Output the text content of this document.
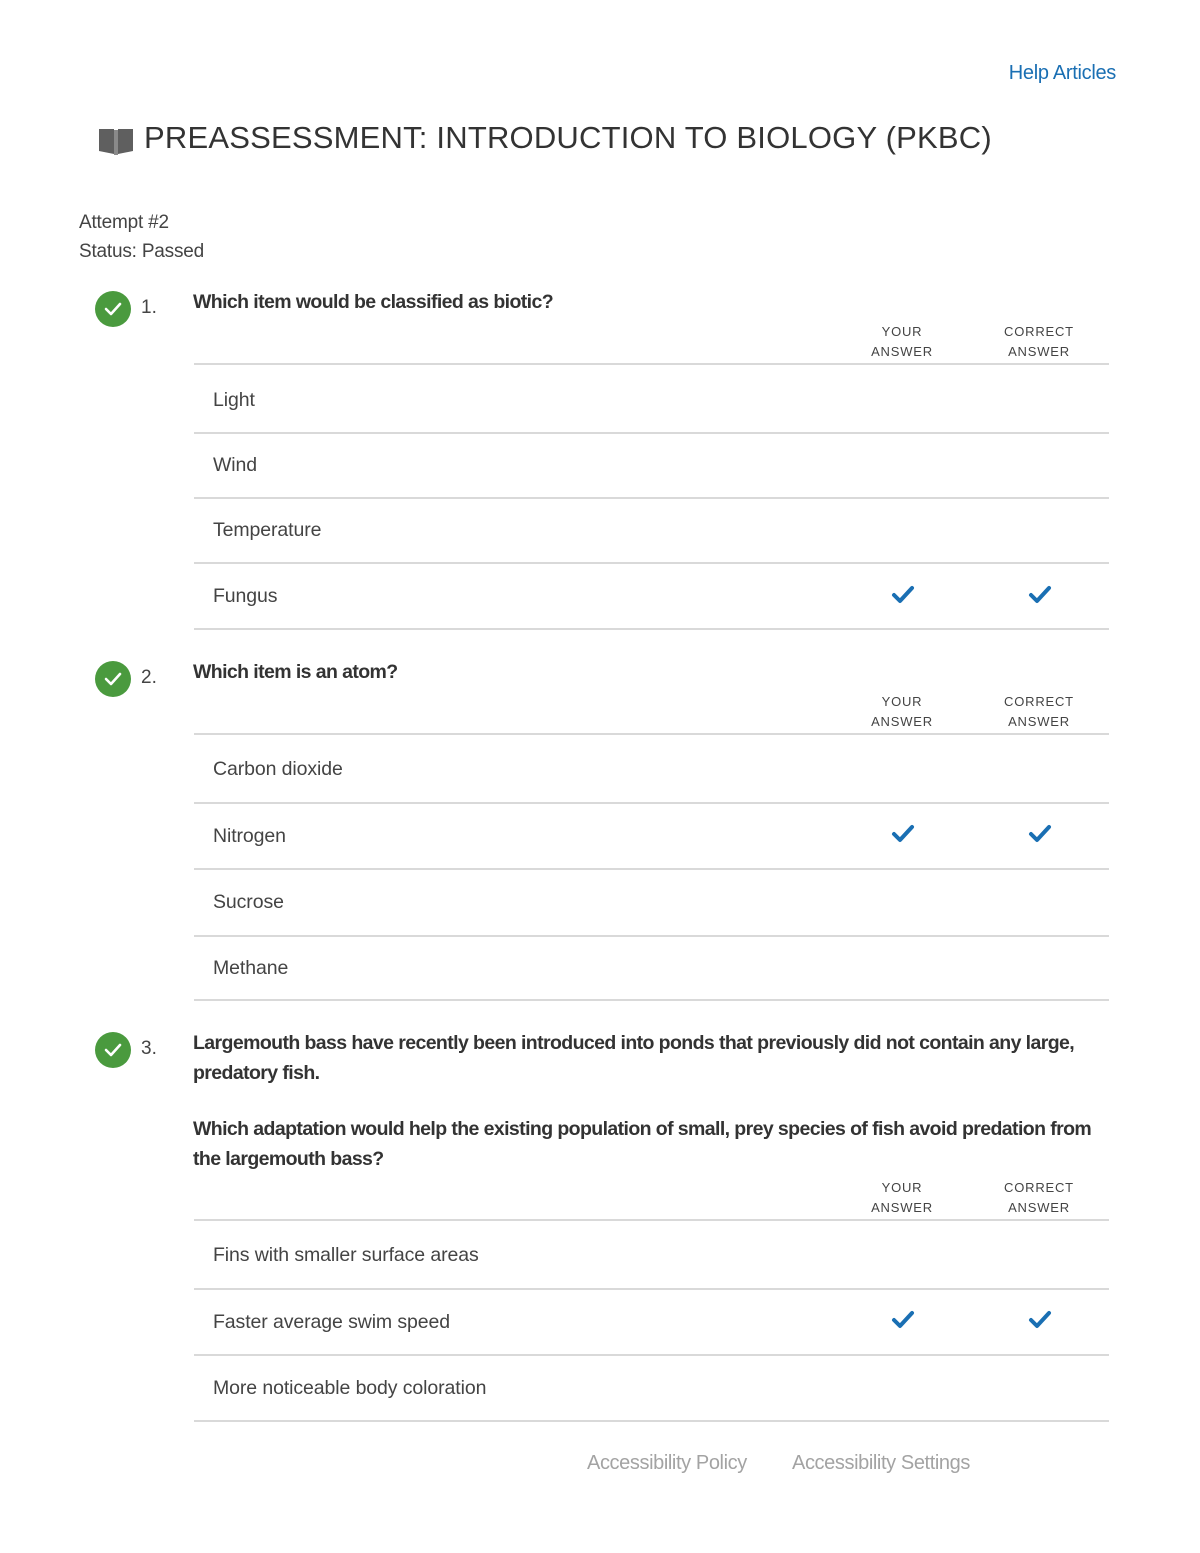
Help Articles
PREASSESSMENT: INTRODUCTION TO BIOLOGY (PKBC)
Attempt #2
Status: Passed
1. Which item would be classified as biotic?
YOUR
ANSWER
CORRECT
ANSWER
Light
Wind
Temperature
Fungus
2. Which item is an atom?
YOUR
ANSWER
CORRECT
ANSWER
Carbon dioxide
Nitrogen
Sucrose
Methane
3. Largemouth bass have recently been introduced into ponds that previously did not contain any large, predatory fish.
Which adaptation would help the existing population of small, prey species of fish avoid predation from the largemouth bass?
YOUR
ANSWER
CORRECT
ANSWER
Fins with smaller surface areas
Faster average swim speed
More noticeable body coloration
Accessibility Policy Accessibility Settings
